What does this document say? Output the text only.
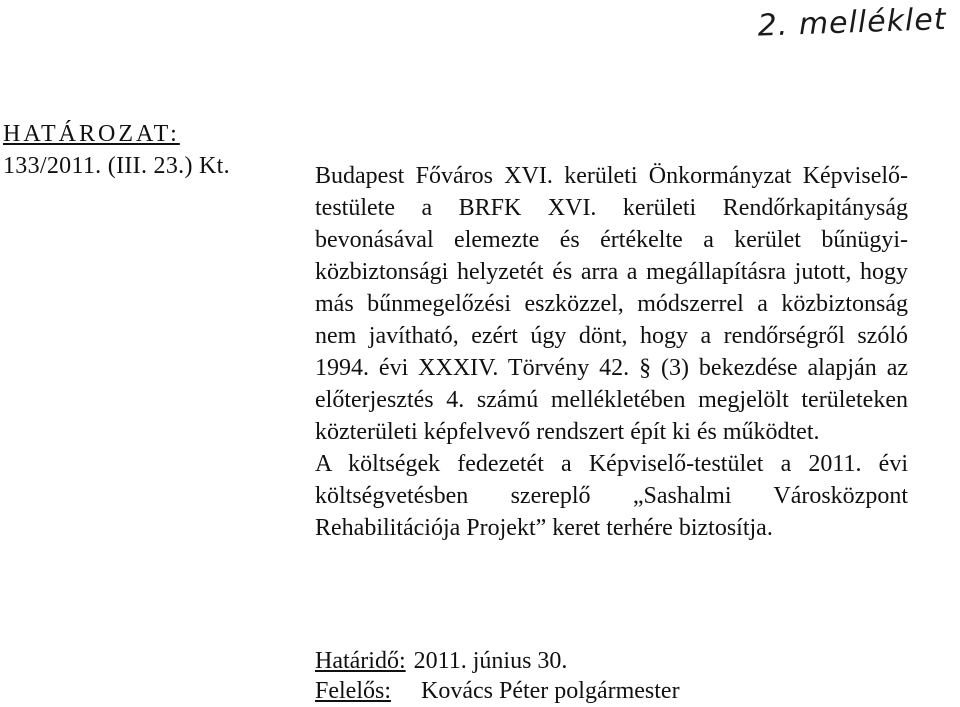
2. melléklet
HATÁROZAT:
133/2011. (III. 23.) Kt.	Budapest Főváros XVI. kerületi Önkormányzat Képviselő-testülete a BRFK XVI. kerületi Rendőrkapitányság bevonásával elemezte és értékelte a kerület bűnügyi-közbiztonsági helyzetét és arra a megállapításra jutott, hogy más bűnmegelőzési eszközzel, módszerrel a közbiztonság nem javítható, ezért úgy dönt, hogy a rendőrségről szóló 1994. évi XXXIV. Törvény 42. § (3) bekezdése alapján az előterjesztés 4. számú mellékletében megjelölt területeken közterületi képfelvevő rendszert épít ki és működtet.

A költségek fedezetét a Képviselő-testület a 2011. évi költségvetésben szereplő „Sashalmi Városközpont Rehabilitációja Projekt” keret terhére biztosítja.

Határidő: 2011. június 30.
Felelős: Kovács Péter polgármester
